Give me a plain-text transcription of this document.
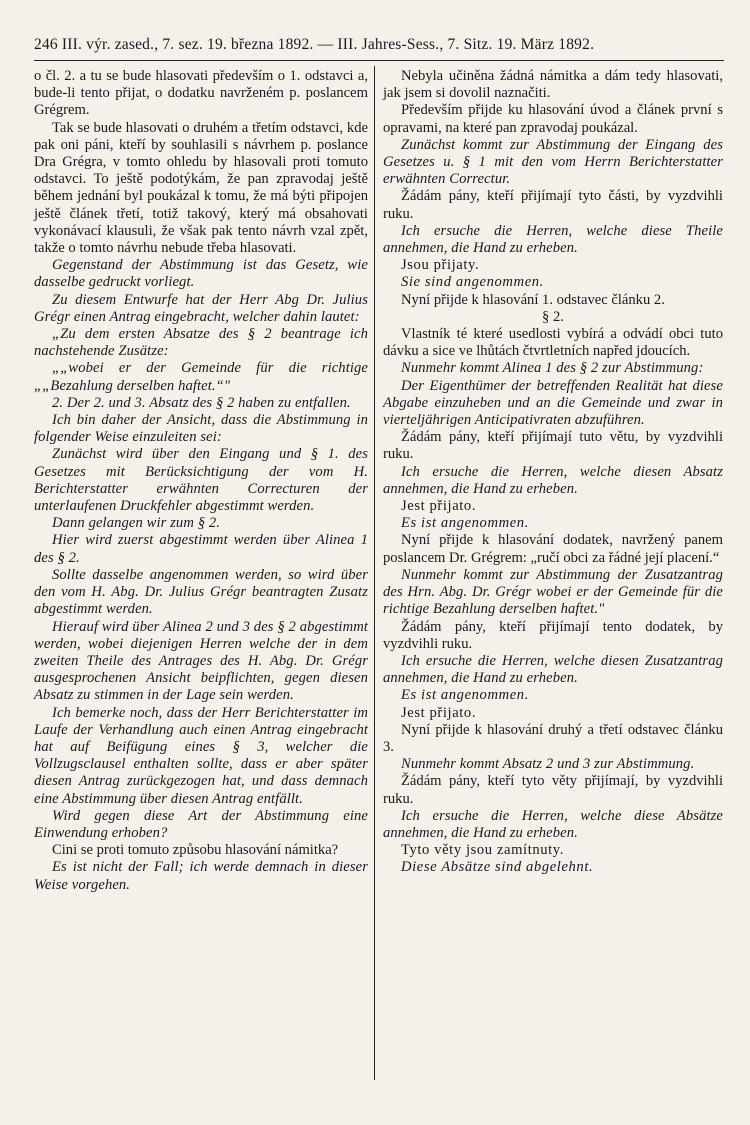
246 III. výr. zased., 7. sez. 19. března 1892. — III. Jahres-Sess., 7. Sitz. 19. März 1892.

o čl. 2. a tu se bude hlasovati především o 1. odstavci a, bude-li tento přijat, o dodatku navrženém p. poslancem Grégrem.

Tak se bude hlasovati o druhém a třetím odstavci, kde pak oni páni, kteří by souhlasili s návrhem p. poslance Dra Grégra, v tomto ohledu by hlasovali proti tomuto odstavci. To ještě podotýkám, že pan zpravodaj ještě během jednání byl poukázal k tomu, že má býti připojen ještě článek třetí, totiž takový, který má obsahovati vykonávací klausuli, že však pak tento návrh vzal zpět, takže o tomto návrhu nebude třeba hlasovati.

Gegenstand der Abstimmung ist das Gesetz, wie dasselbe gedruckt vorliegt.

Zu diesem Entwurfe hat der Herr Abg Dr. Julius Grégr einen Antrag eingebracht, welcher dahin lautet:

„Zu dem ersten Absatze des § 2 beantrage ich nachstehende Zusätze:

„„wobei er der Gemeinde für die richtige „„Bezahlung derselben haftet.“"

2. Der 2. und 3. Absatz des § 2 haben zu entfallen.

Ich bin daher der Ansicht, dass die Abstimmung in folgender Weise einzuleiten sei:

Zunächst wird über den Eingang und § 1. des Gesetzes mit Berücksichtigung der vom H. Berichterstatter erwähnten Correcturen der unterlaufenen Druckfehler abgestimmt werden.

Dann gelangen wir zum § 2.

Hier wird zuerst abgestimmt werden über Alinea 1 des § 2.

Sollte dasselbe angenommen werden, so wird über den vom H. Abg. Dr. Julius Grégr beantragten Zusatz abgestimmt werden.

Hierauf wird über Alinea 2 und 3 des § 2 abgestimmt werden, wobei diejenigen Herren welche der in dem zweiten Theile des Antrages des H. Abg. Dr. Grégr ausgesprochenen Ansicht beipflichten, gegen diesen Absatz zu stimmen in der Lage sein werden.

Ich bemerke noch, dass der Herr Berichterstatter im Laufe der Verhandlung auch einen Antrag eingebracht hat auf Beifügung eines § 3, welcher die Vollzugsclausel enthalten sollte, dass er aber später diesen Antrag zurückgezogen hat, und dass demnach eine Abstimmung über diesen Antrag entfällt.

Wird gegen diese Art der Abstimmung eine Einwendung erhoben?

Cini se proti tomuto způsobu hlasování námitka?

Es ist nicht der Fall; ich werde demnach in dieser Weise vorgehen.

Nebyla učiněna žádná námitka a dám tedy hlasovati, jak jsem si dovolil naznačiti.

Především přijde ku hlasování úvod a článek první s opravami, na které pan zpravodaj poukázal.

Zunächst kommt zur Abstimmung der Eingang des Gesetzes u. § 1 mit den vom Herrn Berichterstatter erwähnten Correctur.

Žádám pány, kteří přijímají tyto části, by vyzdvihli ruku.

Ich ersuche die Herren, welche diese Theile annehmen, die Hand zu erheben.

Jsou přijaty.

Sie sind angenommen.

Nyní přijde k hlasování 1. odstavec článku 2.

§ 2.

Vlastník té které usedlosti vybírá a odvádí obci tuto dávku a sice ve lhůtách čtvrtletních napřed jdoucích.

Nunmehr kommt Alinea 1 des § 2 zur Abstimmung:

Der Eigenthümer der betreffenden Realität hat diese Abgabe einzuheben und an die Gemeinde und zwar in vierteljährigen Anticipativraten abzuführen.

Žádám pány, kteří přijímají tuto větu, by vyzdvihli ruku.

Ich ersuche die Herren, welche diesen Absatz annehmen, die Hand zu erheben.

Jest přijato.

Es ist angenommen.

Nyní přijde k hlasování dodatek, navržený panem poslancem Dr. Grégrem: „ručí obci za řádné její placení.“

Nunmehr kommt zur Abstimmung der Zusatzantrag des Hrn. Abg. Dr. Grégr wobei er der Gemeinde für die richtige Bezahlung derselben haftet."

Žádám pány, kteří přijímají tento dodatek, by vyzdvihli ruku.

Ich ersuche die Herren, welche diesen Zusatzantrag annehmen, die Hand zu erheben.

Es ist angenommen.

Jest přijato.

Nyní přijde k hlasování druhý a třetí odstavec článku 3.

Nunmehr kommt Absatz 2 und 3 zur Abstimmung.

Žádám pány, kteří tyto věty přijímají, by vyzdvihli ruku.

Ich ersuche die Herren, welche diese Absätze annehmen, die Hand zu erheben.

Tyto věty jsou zamítnuty.

Diese Absätze sind abgelehnt.
